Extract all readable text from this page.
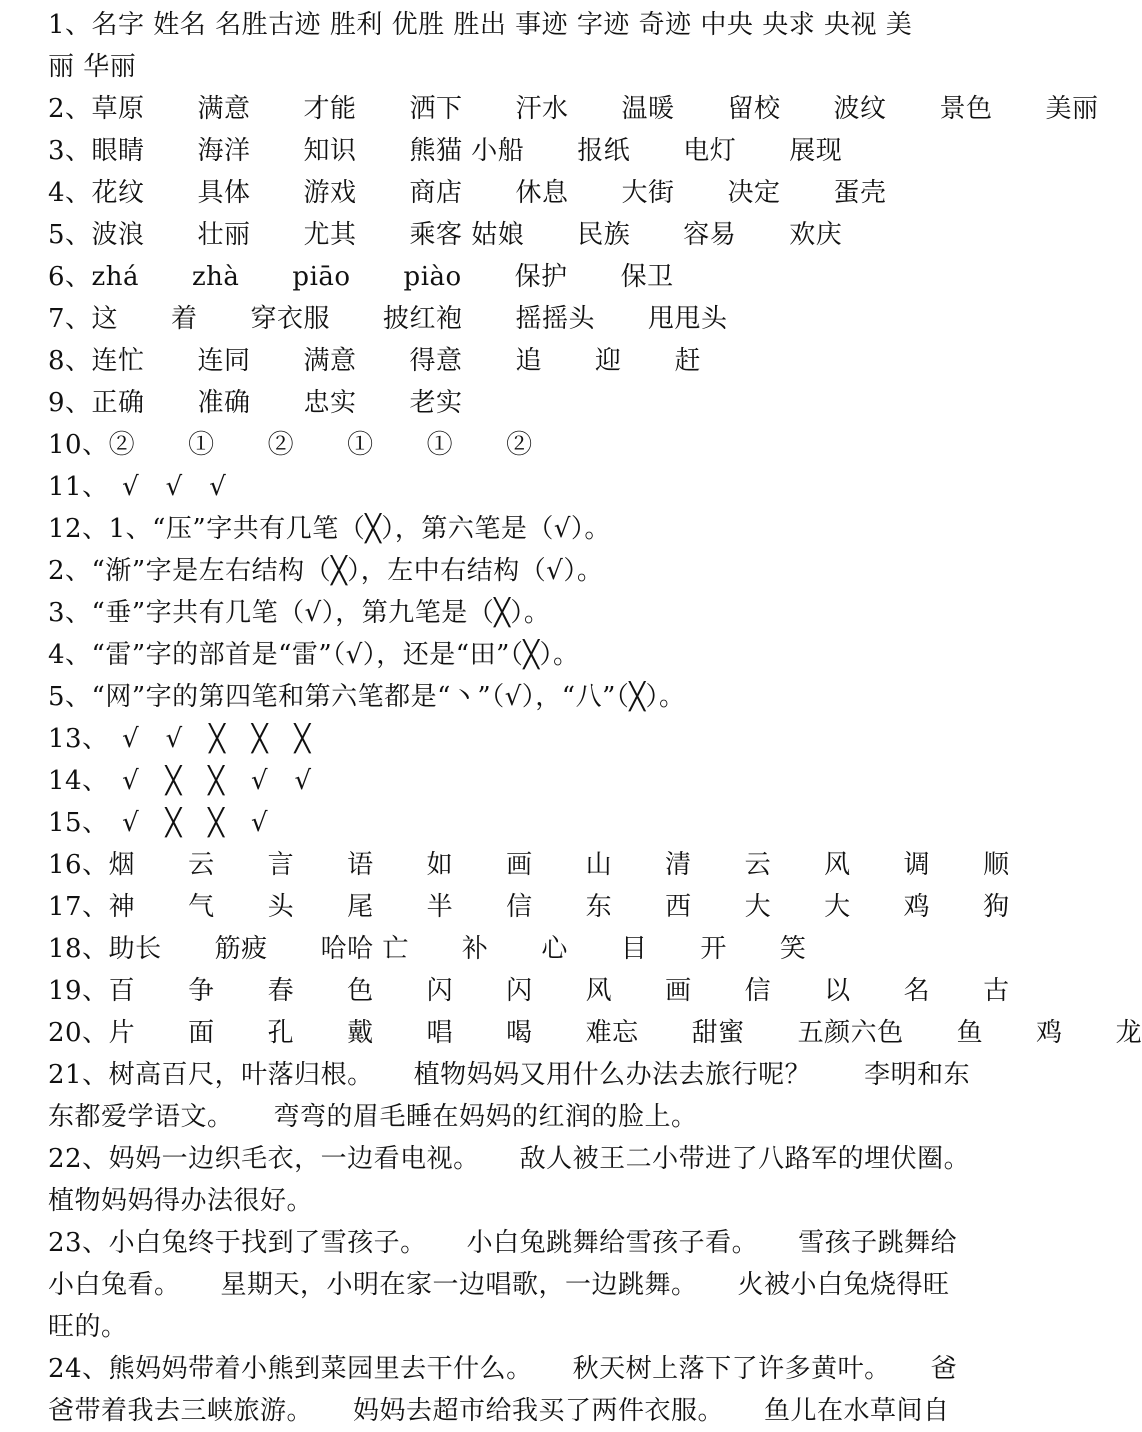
1、名字 姓名 名胜古迹 胜利 优胜 胜出 事迹 字迹 奇迹 中央 央求 央视 美
丽 华丽
2、草原　　满意　　才能　　洒下　　汗水　　温暖　　留校　　波纹　　景色　　美丽
3、眼睛　　海洋　　知识　　熊猫 小船　　报纸　　电灯　　展现
4、花纹　　具体　　游戏　　商店　　休息　　大街　　决定　　蛋壳
5、波浪　　壮丽　　尤其　　乘客 姑娘　　民族　　容易　　欢庆
6、zhá　　zhà　　piāo　　piào　　保护　　保卫
7、这　　着　　穿衣服　　披红袍　　摇摇头　　甩甩头
8、连忙　　连同　　满意　　得意　　追　　迎　　赶
9、正确　　准确　　忠实　　老实
10、②　　①　　②　　①　　①　　②
11、　√　√　√
12、1、“压”字共有几笔（╳），第六笔是（√）。
2、“渐”字是左右结构（╳），左中右结构（√）。
3、“垂”字共有几笔（√），第九笔是（╳）。
4、“雷”字的部首是“雷”（√），还是“田”（╳）。
5、“网”字的第四笔和第六笔都是“丶”（√），“八”（╳）。
13、　√　√　╳　╳　╳
14、　√　╳　╳　√　√
15、　√　╳　╳　√
16、烟　　云　　言　　语　　如　　画　　山　　清　　云　　风　　调　　顺
17、神　　气　　头　　尾　　半　　信　　东　　西　　大　　大　　鸡　　狗
18、助长　　筋疲　　哈哈 亡　　补　　心　　目　　开　　笑
19、百　　争　　春　　色　　闪　　闪　　风　　画　　信　　以　　名　　古
20、片　　面　　孔　　戴　　唱　　喝　　难忘　　甜蜜　　五颜六色　　鱼　　鸡　　龙
21、树高百尺，叶落归根。　　植物妈妈又用什么办法去旅行呢？　　李明和东
东都爱学语文。　　弯弯的眉毛睡在妈妈的红润的脸上。
22、妈妈一边织毛衣，一边看电视。　　敌人被王二小带进了八路军的埋伏圈。
植物妈妈得办法很好。
23、小白兔终于找到了雪孩子。　　小白兔跳舞给雪孩子看。　　雪孩子跳舞给
小白兔看。　　星期天，小明在家一边唱歌，一边跳舞。　　火被小白兔烧得旺
旺的。
24、熊妈妈带着小熊到菜园里去干什么。　　秋天树上落下了许多黄叶。　　爸
爸带着我去三峡旅游。　　妈妈去超市给我买了两件衣服。　　鱼儿在水草间自
